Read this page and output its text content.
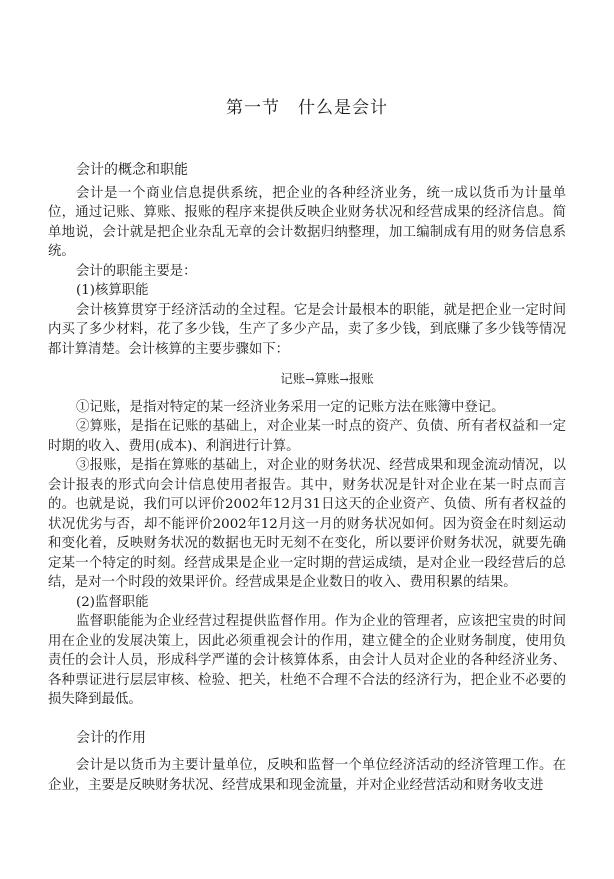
第一节 什么是会计

会计的概念和职能

会计是一个商业信息提供系统，把企业的各种经济业务，统一成以货币为计量单位，通过记账、算账、报账的程序来提供反映企业财务状况和经营成果的经济信息。简单地说，会计就是把企业杂乱无章的会计数据归纳整理，加工编制成有用的财务信息系统。

会计的职能主要是：

(1)核算职能

会计核算贯穿于经济活动的全过程。它是会计最根本的职能，就是把企业一定时间内买了多少材料，花了多少钱，生产了多少产品，卖了多少钱，到底赚了多少钱等情况都计算清楚。会计核算的主要步骤如下：

记账→算账→报账

①记账，是指对特定的某一经济业务采用一定的记账方法在账簿中登记。

②算账，是指在记账的基础上，对企业某一时点的资产、负债、所有者权益和一定时期的收入、费用(成本)、利润进行计算。

③报账，是指在算账的基础上，对企业的财务状况、经营成果和现金流动情况，以会计报表的形式向会计信息使用者报告。其中，财务状况是针对企业在某一时点而言的。也就是说，我们可以评价2002年12月31日这天的企业资产、负债、所有者权益的状况优劣与否，却不能评价2002年12月这一月的财务状况如何。因为资金在时刻运动和变化着，反映财务状况的数据也无时无刻不在变化，所以要评价财务状况，就要先确定某一个特定的时刻。经营成果是企业一定时期的营运成绩，是对企业一段经营后的总结，是对一个时段的效果评价。经营成果是企业数日的收入、费用积累的结果。

(2)监督职能

监督职能能为企业经营过程提供监督作用。作为企业的管理者，应该把宝贵的时间用在企业的发展决策上，因此必须重视会计的作用，建立健全的企业财务制度，使用负责任的会计人员，形成科学严谨的会计核算体系，由会计人员对企业的各种经济业务、各种票证进行层层审核、检验、把关，杜绝不合理不合法的经济行为，把企业不必要的损失降到最低。

会计的作用

会计是以货币为主要计量单位，反映和监督一个单位经济活动的经济管理工作。在企业，主要是反映财务状况、经营成果和现金流量，并对企业经营活动和财务收支进
